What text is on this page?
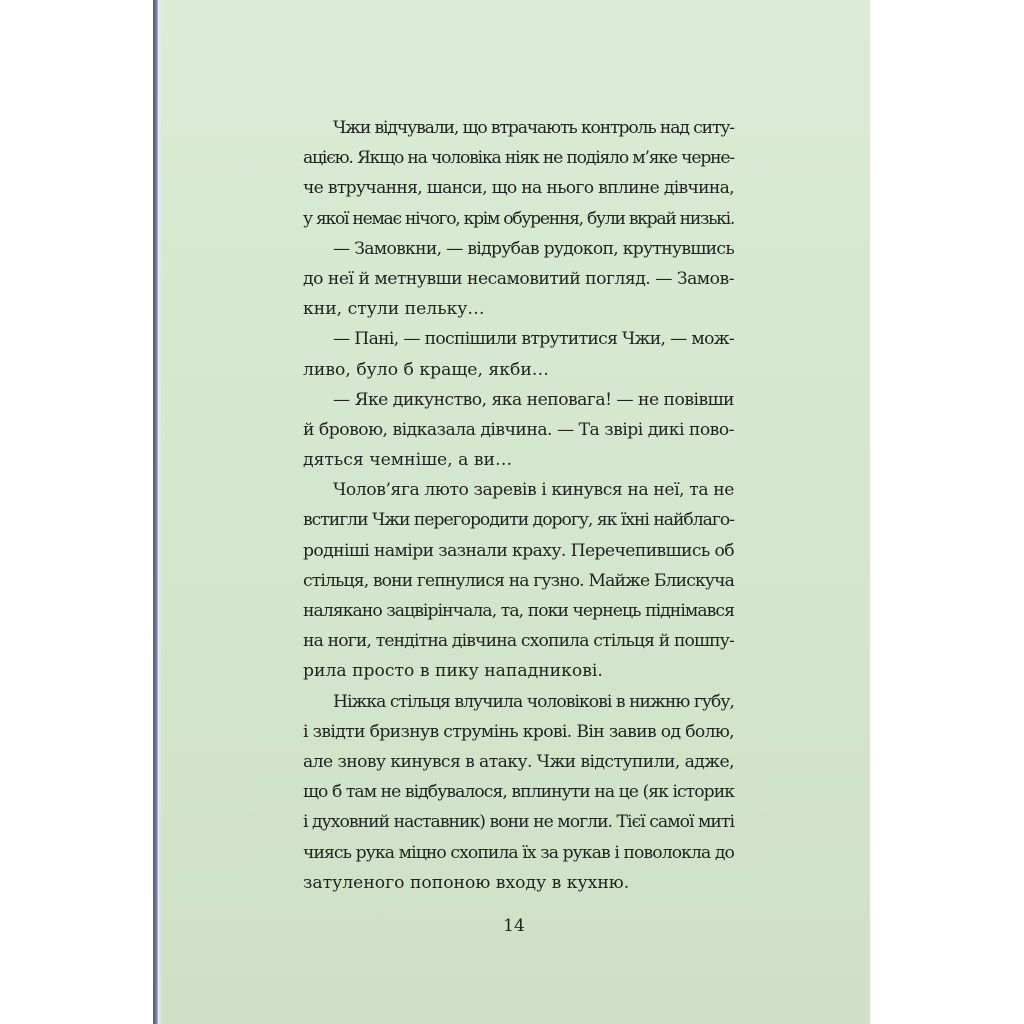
Чжи відчували, що втрачають контроль над ситу-
ацією. Якщо на чоловіка ніяк не подіяло м’яке черне-
че втручання, шанси, що на нього вплине дівчина,
у якої немає нічого, крім обурення, були вкрай низькі.
— Замовкни, — відрубав рудокоп, крутнувшись
до неї й метнувши несамовитий погляд. — Замов-
кни, стули пельку…
— Пані, — поспішили втрутитися Чжи, — мож-
ливо, було б краще, якби…
— Яке дикунство, яка неповага! — не повівши
й бровою, відказала дівчина. — Та звірі дикі пово-
дяться чемніше, а ви…
Чолов’яга люто заревів і кинувся на неї, та не
встигли Чжи перегородити дорогу, як їхні найблаго-
родніші наміри зазнали краху. Перечепившись об
стільця, вони гепнулися на гузно. Майже Блискуча
налякано зацвірінчала, та, поки чернець піднімався
на ноги, тендітна дівчина схопила стільця й пошпу-
рила просто в пику нападникові.
Ніжка стільця влучила чоловікові в нижню губу,
і звідти бризнув струмінь крові. Він завив од болю,
але знову кинувся в атаку. Чжи відступили, адже,
що б там не відбувалося, вплинути на це (як історик
і духовний наставник) вони не могли. Тієї самої миті
чиясь рука міцно схопила їх за рукав і поволокла до
затуленого попоною входу в кухню.
14
